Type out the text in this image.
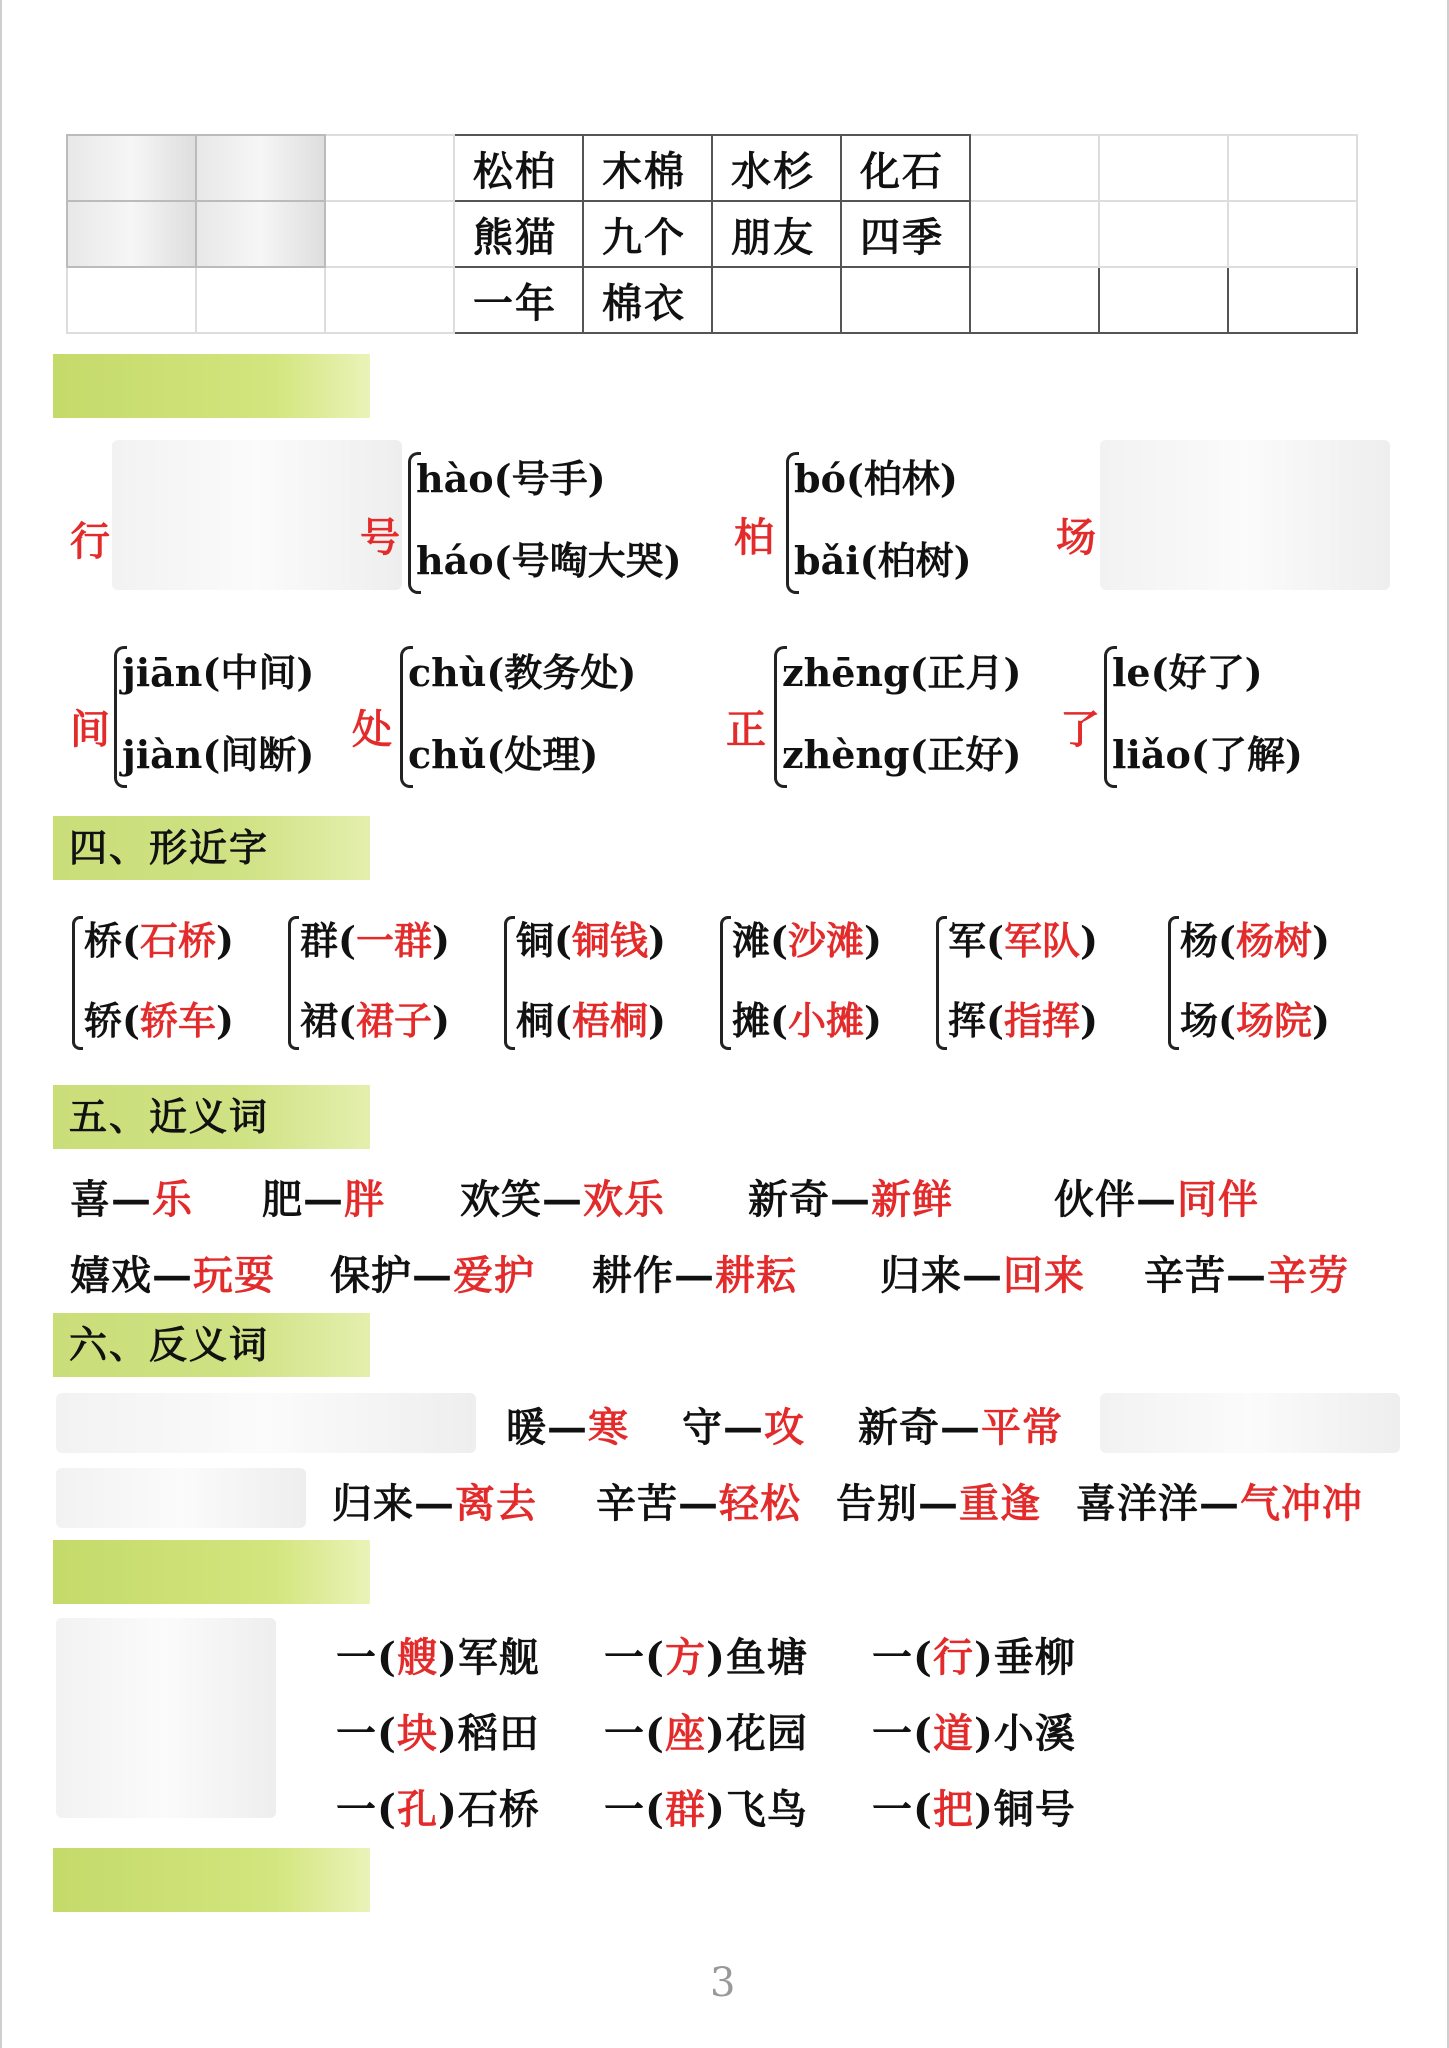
			松柏	木棉	水杉	化石			
			熊猫	九个	朋友	四季			
			一年	棉衣					
行	号
hào(号手)
háo(号啕大哭) 柏
bó(柏林)
bǎi(柏树) 场
间
jiān(中间)
jiàn(间断)
处
chù(教务处)
chǔ(处理)
正
zhēng(正月)
zhèng(正好)
了
le(好了)
liǎo(了解)
四、形近字
桥(石桥)
轿(轿车)
群(一群)
裙(裙子)
铜(铜钱)
桐(梧桐)
滩(沙滩)
摊(小摊)
军(军队)
挥(指挥)
杨(杨树)
场(场院)
五、近义词
喜—乐 肥—胖 欢笑—欢乐 新奇—新鲜	伙伴—同伴
嬉戏—玩耍 保护—爱护 耕作—耕耘 归来—回来 辛苦—辛劳
六、反义词
暖—寒 守—攻 新奇—平常
归来—离去 辛苦—轻松 告别—重逢 喜洋洋—气冲冲
一(艘)军舰 一(方)鱼塘 一(行)垂柳
一(块)稻田 一(座)花园 一(道)小溪
一(孔)石桥 一(群)飞鸟 一(把)铜号
3
